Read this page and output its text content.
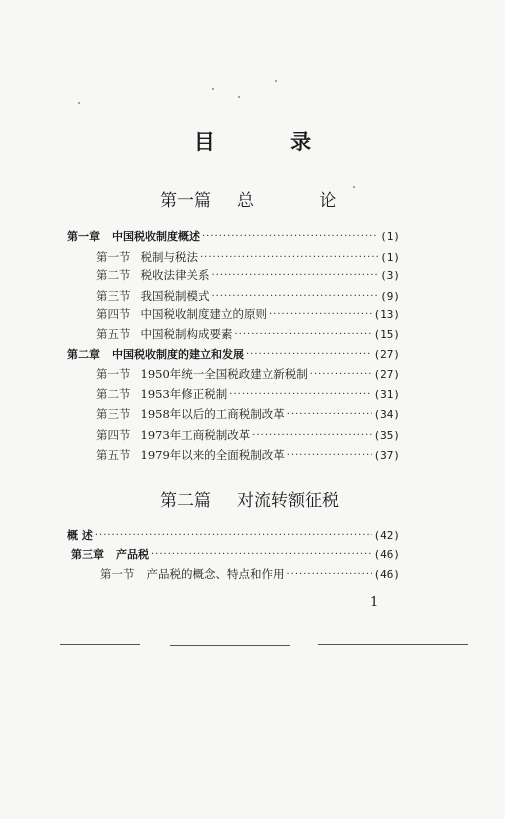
目 录
第一篇 总 论
第一章 中国税收制度概述 ·····	(1)
第一节 税制与税法 ·····	(1)
第二节 税收法律关系 ·····	(3)
第三节 我国税制模式 ·····	(9)
第四节 中国税收制度建立的原则 ·····	(13)
第五节 中国税制构成要素 ·····	(15)
第二章 中国税收制度的建立和发展 ·····	(27)
第一节 1950年统一全国税政建立新税制 ·····	(27)
第二节 1953年修正税制 ·····	(31)
第三节 1958年以后的工商税制改革 ·····	(34)
第四节 1973年工商税制改革 ·····	(35)
第五节 1979年以来的全面税制改革 ·····	(37)
第二篇 对流转额征税
概 述 ·····	(42)
第三章 产品税 ·····	(46)
第一节 产品税的概念、特点和作用 ·····	(46)
1
